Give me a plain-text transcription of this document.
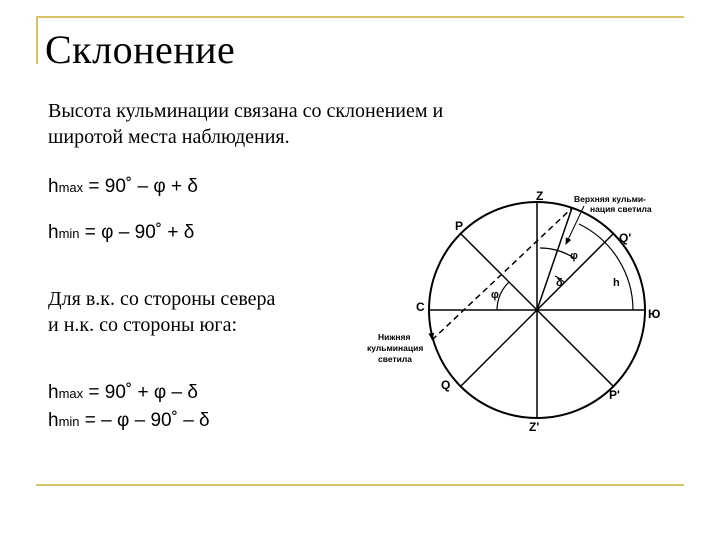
Склонение
Высота кульминации связана со склонением и
широтой места наблюдения.
hmax = 90˚ – φ + δ
hmin = φ – 90˚ + δ
Для в.к. со стороны севера
и н.к. со стороны юга:
hmax = 90˚ + φ – δ
hmin = – φ – 90˚ – δ
Z
Z'
P
P'
Q'
Q
C	Ю
h
φ
δ
φ
Верхняя кульми-
нация светила
Нижняя
кульминация
светила
